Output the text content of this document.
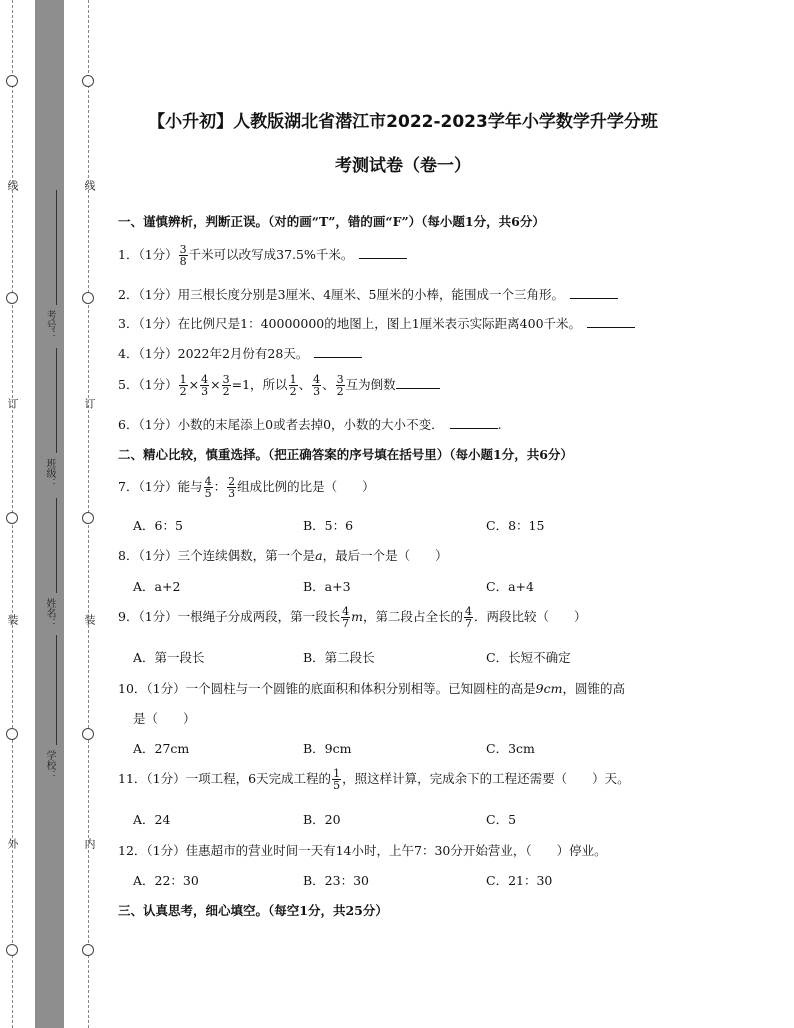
线
订
装
外
线
订
装
内
考号：
班级：
姓名：
学校：
【小升初】人教版湖北省潜江市2022-2023学年小学数学升学分班
考测试卷（卷一）
一、谨慎辨析，判断正误。（对的画“T”，错的画“F”）（每小题1分，共6分）
1．（1分） $\frac{3}{8}$ 千米可以改写成37.5%千米。
2．（1分）用三根长度分别是3厘米、4厘米、5厘米的小棒，能围成一个三角形。
3．（1分）在比例尺是1：40000000的地图上，图上1厘米表示实际距离400千米。
4．（1分）2022年2月份有28天。
5．（1分） $\frac{1}{2} \times \frac{4}{3} \times \frac{3}{2} =1$，所以 $\frac{1}{2}$ 、 $\frac{4}{3}$ 、 $\frac{3}{2}$ 互为倒数
6．（1分）小数的末尾添上0或者去掉0，小数的大小不变．	.
二、精心比较，慎重选择。（把正确答案的序号填在括号里）（每小题1分，共6分）
7．（1分）能与 $\frac{4}{5}$ ： $\frac{2}{3}$ 组成比例的比是（　　）
A．6：5	B．5：6	C．8：15
8．（1分）三个连续偶数，第一个是a，最后一个是（　　）
A．a+2	B．a+3	C．a+4
9．（1分）一根绳子分成两段，第一段长 $\frac{4}{7}$ m，第二段占全长的 $\frac{4}{7}$ ．两段比较（　　）
A．第一段长	B．第二段长	C．长短不确定
10．（1分）一个圆柱与一个圆锥的底面积和体积分别相等。已知圆柱的高是9cm，圆锥的高
是（　　）
A．27cm	B．9cm	C．3cm
11．（1分）一项工程，6天完成工程的 $\frac{1}{5}$ ，照这样计算，完成余下的工程还需要（　　）天。
A．24	B．20	C．5
12．（1分）佳惠超市的营业时间一天有14小时，上午7：30分开始营业，（　　）停业。
A．22：30	B．23：30	C．21：30
三、认真思考，细心填空。（每空1分，共25分）
